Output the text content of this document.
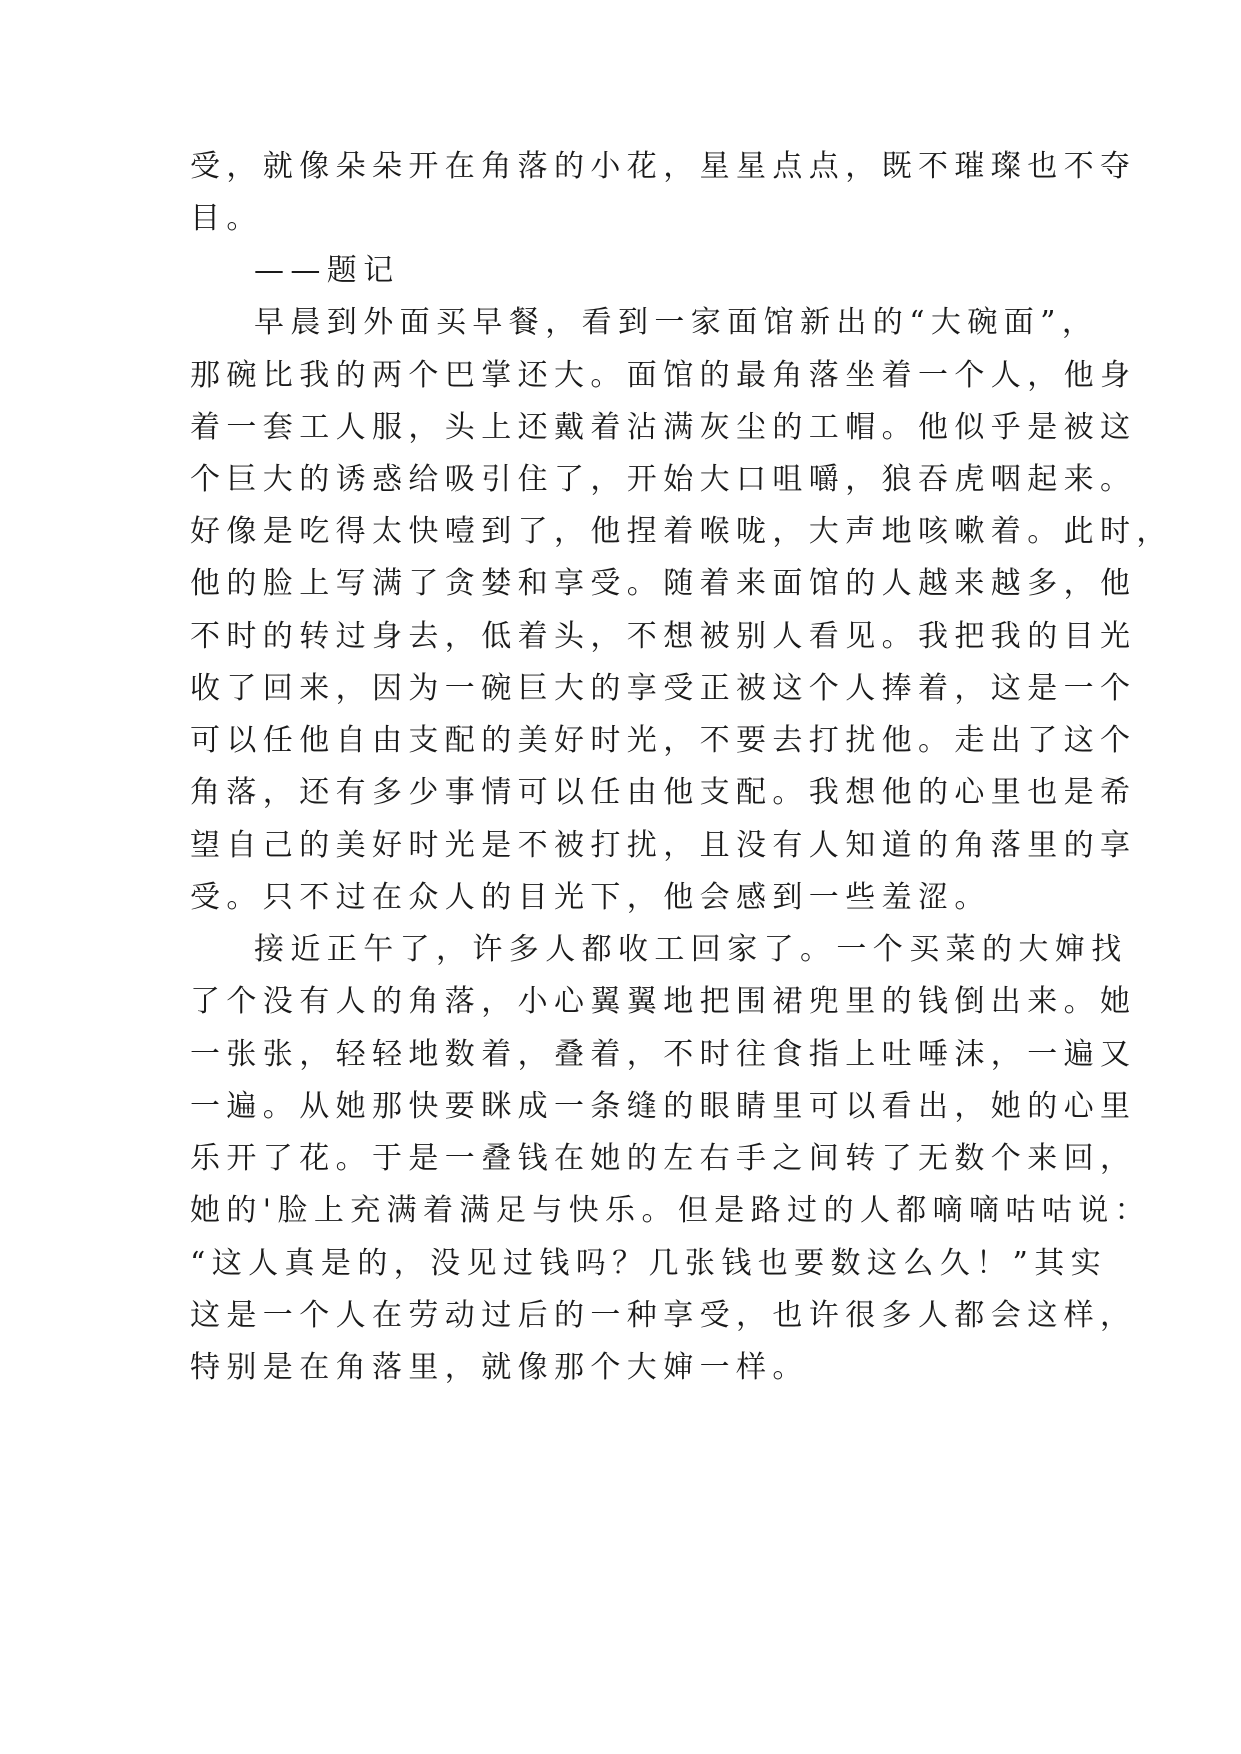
受，就像朵朵开在角落的小花，星星点点，既不璀璨也不夺

目。

——题记

早晨到外面买早餐，看到一家面馆新出的“大碗面”，

那碗比我的两个巴掌还大。面馆的最角落坐着一个人，他身

着一套工人服，头上还戴着沾满灰尘的工帽。他似乎是被这

个巨大的诱惑给吸引住了，开始大口咀嚼，狼吞虎咽起来。

好像是吃得太快噎到了，他捏着喉咙，大声地咳嗽着。此时，

他的脸上写满了贪婪和享受。随着来面馆的人越来越多，他

不时的转过身去，低着头，不想被别人看见。我把我的目光

收了回来，因为一碗巨大的享受正被这个人捧着，这是一个

可以任他自由支配的美好时光，不要去打扰他。走出了这个

角落，还有多少事情可以任由他支配。我想他的心里也是希

望自己的美好时光是不被打扰，且没有人知道的角落里的享

受。只不过在众人的目光下，他会感到一些羞涩。

接近正午了，许多人都收工回家了。一个买菜的大婶找

了个没有人的角落，小心翼翼地把围裙兜里的钱倒出来。她

一张张，轻轻地数着，叠着，不时往食指上吐唾沫，一遍又

一遍。从她那快要眯成一条缝的眼睛里可以看出，她的心里

乐开了花。于是一叠钱在她的左右手之间转了无数个来回，

她的'脸上充满着满足与快乐。但是路过的人都嘀嘀咕咕说：

“这人真是的，没见过钱吗？几张钱也要数这么久！”其实

这是一个人在劳动过后的一种享受，也许很多人都会这样，

特别是在角落里，就像那个大婶一样。
